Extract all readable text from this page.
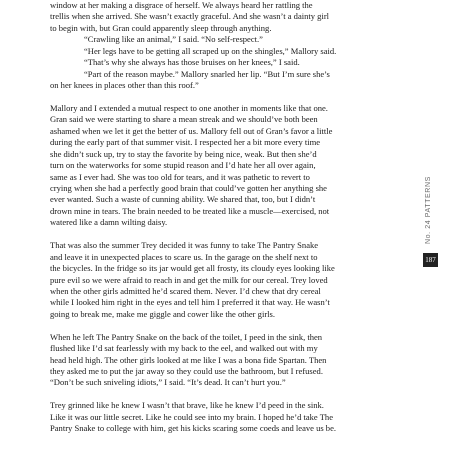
window at her making a disgrace of herself. We always heard her rattling the
trellis when she arrived. She wasn’t exactly graceful. And she wasn’t a dainty girl
to begin with, but Gran could apparently sleep through anything.
“Crawling like an animal,” I said. “No self-respect.”
“Her legs have to be getting all scraped up on the shingles,” Mallory said.
“That’s why she always has those bruises on her knees,” I said.
“Part of the reason maybe.” Mallory snarled her lip. “But I’m sure she’s
on her knees in places other than this roof.”
Mallory and I extended a mutual respect to one another in moments like that one.
Gran said we were starting to share a mean streak and we should’ve both been
ashamed when we let it get the better of us. Mallory fell out of Gran’s favor a little
during the early part of that summer visit. I respected her a bit more every time
she didn’t suck up, try to stay the favorite by being nice, weak. But then she’d
turn on the waterworks for some stupid reason and I’d hate her all over again,
same as I ever had. She was too old for tears, and it was pathetic to revert to
crying when she had a perfectly good brain that could’ve gotten her anything she
ever wanted. Such a waste of cunning ability. We shared that, too, but I didn’t
drown mine in tears. The brain needed to be treated like a muscle—exercised, not
watered like a damn wilting daisy.
That was also the summer Trey decided it was funny to take The Pantry Snake
and leave it in unexpected places to scare us. In the garage on the shelf next to
the bicycles. In the fridge so its jar would get all frosty, its cloudy eyes looking like
pure evil so we were afraid to reach in and get the milk for our cereal. Trey loved
when the other girls admitted he’d scared them. Never. I’d chew that dry cereal
while I looked him right in the eyes and tell him I preferred it that way. He wasn’t
going to break me, make me giggle and cower like the other girls.
When he left The Pantry Snake on the back of the toilet, I peed in the sink, then
flushed like I’d sat fearlessly with my back to the eel, and walked out with my
head held high. The other girls looked at me like I was a bona fide Spartan. Then
they asked me to put the jar away so they could use the bathroom, but I refused.
“Don’t be such sniveling idiots,” I said. “It’s dead. It can’t hurt you.”
Trey grinned like he knew I wasn’t that brave, like he knew I’d peed in the sink.
Like it was our little secret. Like he could see into my brain. I hoped he’d take The
Pantry Snake to college with him, get his kicks scaring some coeds and leave us be.
No. 24 PATTERNS
187
